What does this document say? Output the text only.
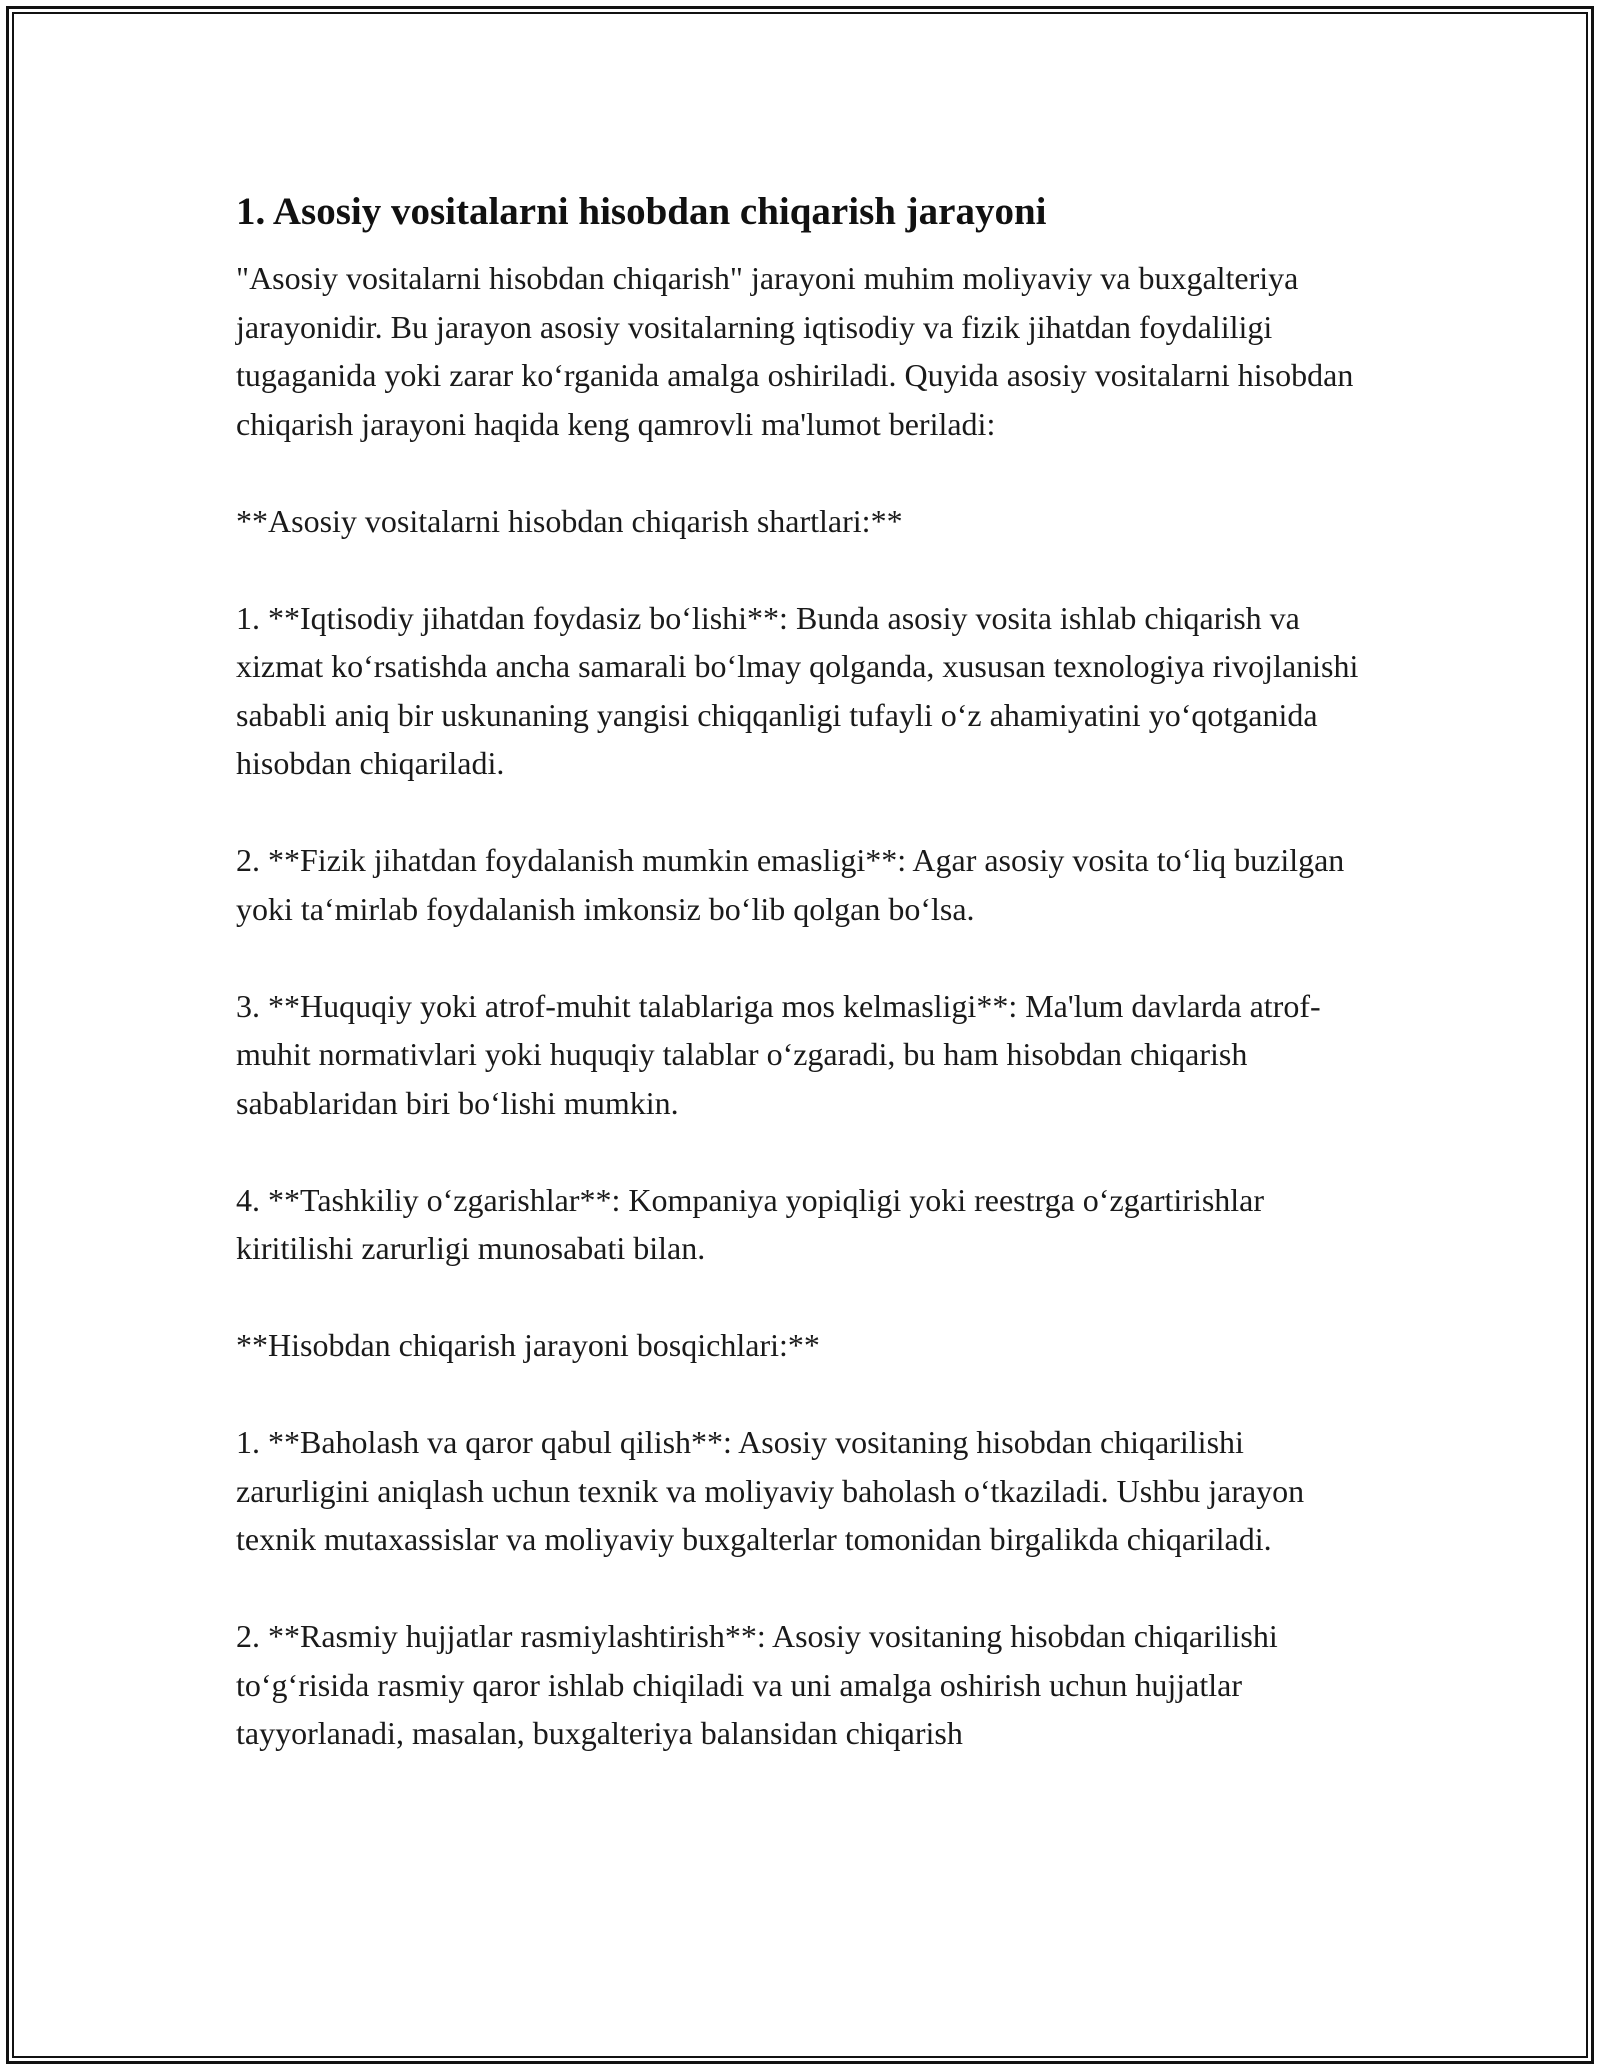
1. Asosiy vositalarni hisobdan chiqarish jarayoni

"Asosiy vositalarni hisobdan chiqarish" jarayoni muhim moliyaviy va buxgalteriya jarayonidir. Bu jarayon asosiy vositalarning iqtisodiy va fizik jihatdan foydaliligi tugaganida yoki zarar koʻrganida amalga oshiriladi. Quyida asosiy vositalarni hisobdan chiqarish jarayoni haqida keng qamrovli ma'lumot beriladi:

**Asosiy vositalarni hisobdan chiqarish shartlari:**

1. **Iqtisodiy jihatdan foydasiz boʻlishi**: Bunda asosiy vosita ishlab chiqarish va xizmat koʻrsatishda ancha samarali boʻlmay qolganda, xususan texnologiya rivojlanishi sababli aniq bir uskunaning yangisi chiqqanligi tufayli oʻz ahamiyatini yoʻqotganida hisobdan chiqariladi.

2. **Fizik jihatdan foydalanish mumkin emasligi**: Agar asosiy vosita toʻliq buzilgan yoki taʻmirlab foydalanish imkonsiz boʻlib qolgan boʻlsa.

3. **Huquqiy yoki atrof-muhit talablariga mos kelmasligi**: Ma'lum davlarda atrof-muhit normativlari yoki huquqiy talablar oʻzgaradi, bu ham hisobdan chiqarish sabablaridan biri boʻlishi mumkin.

4. **Tashkiliy oʻzgarishlar**: Kompaniya yopiqligi yoki reestrga oʻzgartirishlar kiritilishi zarurligi munosabati bilan.

**Hisobdan chiqarish jarayoni bosqichlari:**

1. **Baholash va qaror qabul qilish**: Asosiy vositaning hisobdan chiqarilishi zarurligini aniqlash uchun texnik va moliyaviy baholash oʻtkaziladi. Ushbu jarayon texnik mutaxassislar va moliyaviy buxgalterlar tomonidan birgalikda chiqariladi.

2. **Rasmiy hujjatlar rasmiylashtirish**: Asosiy vositaning hisobdan chiqarilishi toʻgʻrisida rasmiy qaror ishlab chiqiladi va uni amalga oshirish uchun hujjatlar tayyorlanadi, masalan, buxgalteriya balansidan chiqarish
